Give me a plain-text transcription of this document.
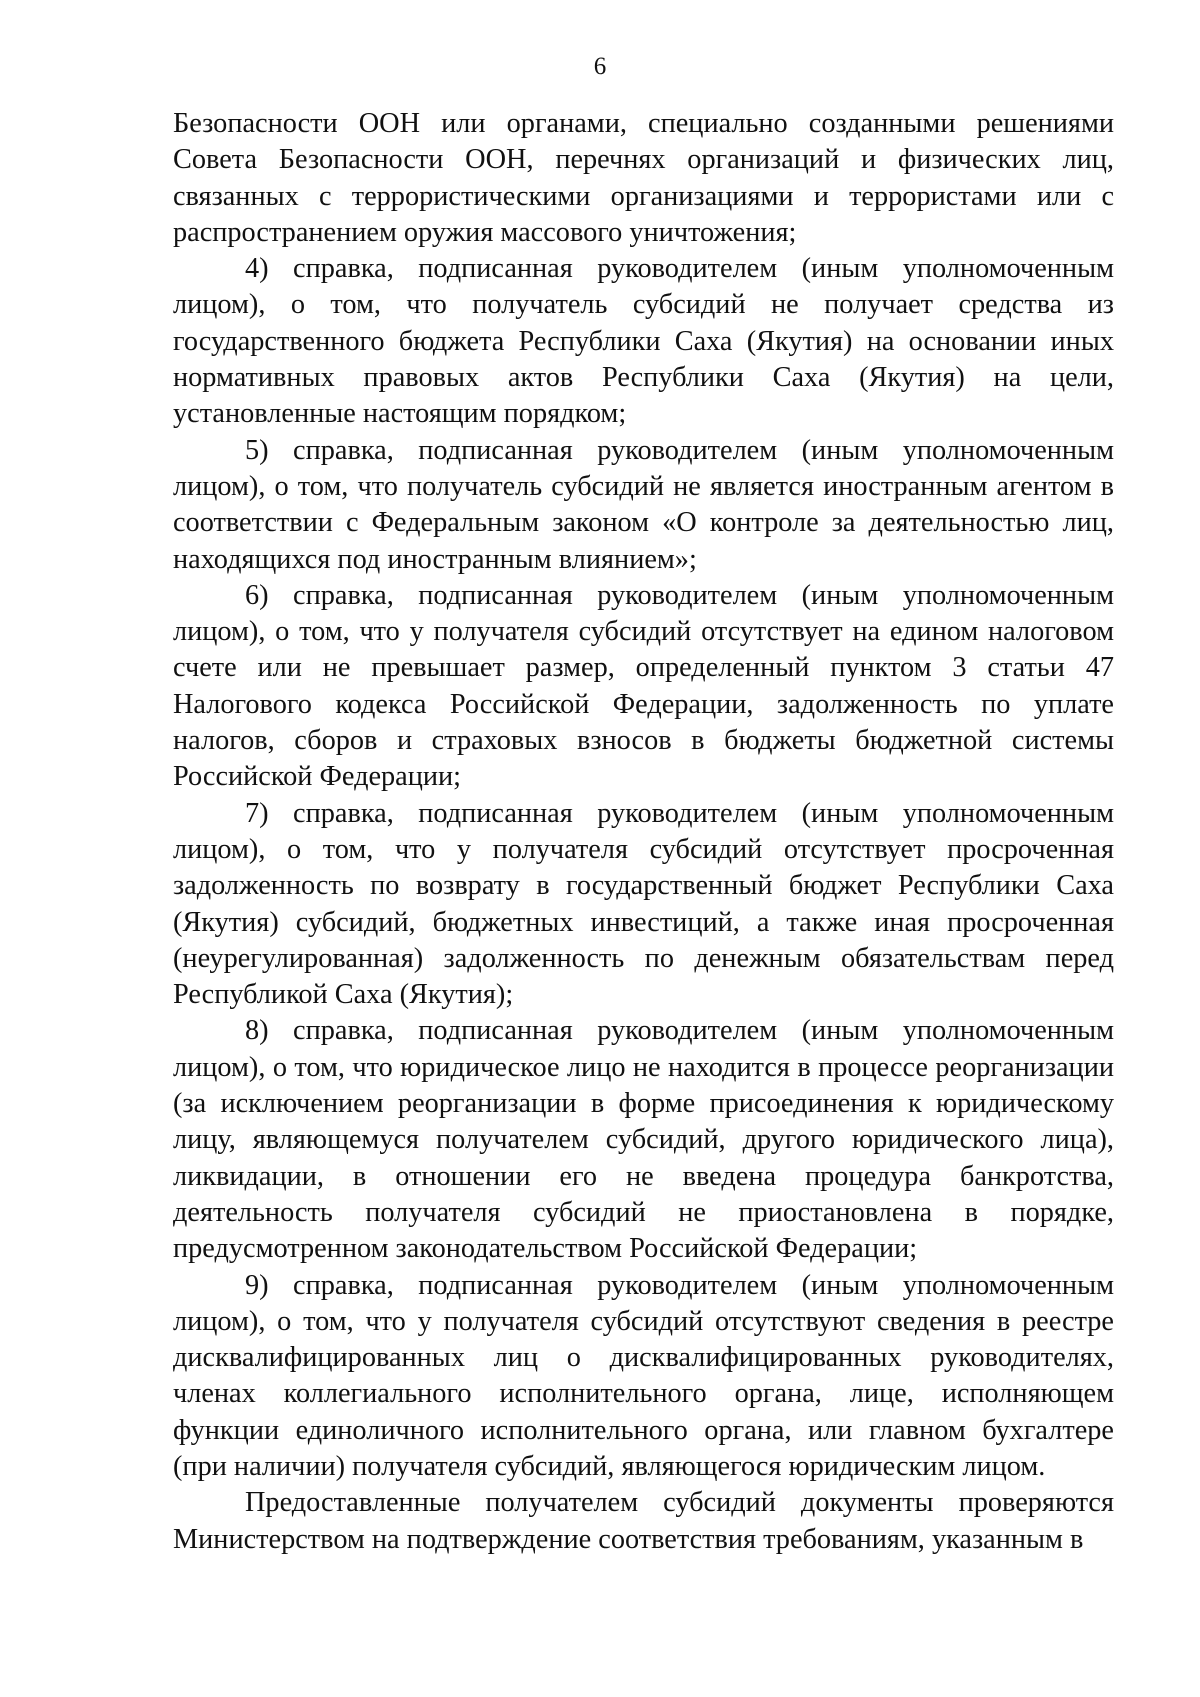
6

Безопасности ООН или органами, специально созданными решениями Совета Безопасности ООН, перечнях организаций и физических лиц, связанных с террористическими организациями и террористами или с распространением оружия массового уничтожения;

4) справка, подписанная руководителем (иным уполномоченным лицом), о том, что получатель субсидий не получает средства из государственного бюджета Республики Саха (Якутия) на основании иных нормативных правовых актов Республики Саха (Якутия) на цели, установленные настоящим порядком;

5) справка, подписанная руководителем (иным уполномоченным лицом), о том, что получатель субсидий не является иностранным агентом в соответствии с Федеральным законом «О контроле за деятельностью лиц, находящихся под иностранным влиянием»;

6) справка, подписанная руководителем (иным уполномоченным лицом), о том, что у получателя субсидий отсутствует на едином налоговом счете или не превышает размер, определенный пунктом 3 статьи 47 Налогового кодекса Российской Федерации, задолженность по уплате налогов, сборов и страховых взносов в бюджеты бюджетной системы Российской Федерации;

7) справка, подписанная руководителем (иным уполномоченным лицом), о том, что у получателя субсидий отсутствует просроченная задолженность по возврату в государственный бюджет Республики Саха (Якутия) субсидий, бюджетных инвестиций, а также иная просроченная (неурегулированная) задолженность по денежным обязательствам перед Республикой Саха (Якутия);

8) справка, подписанная руководителем (иным уполномоченным лицом), о том, что юридическое лицо не находится в процессе реорганизации (за исключением реорганизации в форме присоединения к юридическому лицу, являющемуся получателем субсидий, другого юридического лица), ликвидации, в отношении его не введена процедура банкротства, деятельность получателя субсидий не приостановлена в порядке, предусмотренном законодательством Российской Федерации;

9) справка, подписанная руководителем (иным уполномоченным лицом), о том, что у получателя субсидий отсутствуют сведения в реестре дисквалифицированных лиц о дисквалифицированных руководителях, членах коллегиального исполнительного органа, лице, исполняющем функции единоличного исполнительного органа, или главном бухгалтере (при наличии) получателя субсидий, являющегося юридическим лицом.

Предоставленные получателем субсидий документы проверяются Министерством на подтверждение соответствия требованиям, указанным в
